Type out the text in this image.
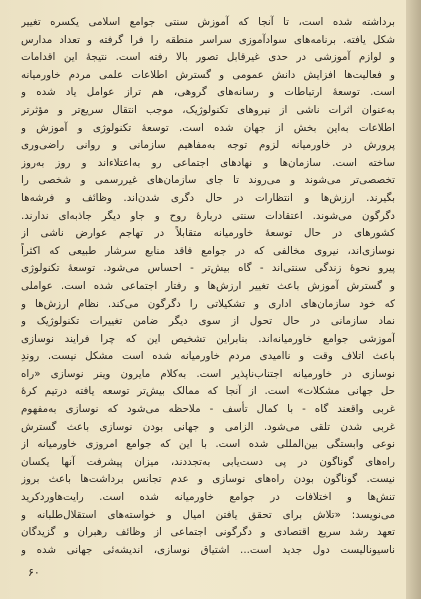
برداشته شده است، تا آنجا که آموزش سنتی جوامع اسلامی یکسره تغییر
شکل یافته. برنامه‌های سوادآموزی سراسر منطقه را فرا گرفته و تعداد مدارس
و لوازم آموزشی در حدی غیرقابل تصور بالا رفته است. نتیجهٔ این اقدامات
و فعالیت‌ها افزایش دانش عمومی و گسترش اطلاعات علمی مردم خاورمیانه
است. توسعهٔ ارتباطات و رسانه‌های گروهی، هم تراز عوامل یاد شده و
به‌عنوان اثرات ناشی از نیروهای تکنولوژیک، موجب انتقال سریع‌تر و مؤثرتر
اطلاعات به‌این بخش از جهان شده است. توسعهٔ تکنولوژی و آموزش و
پرورش در خاورمیانه لزوم توجه به‌مفاهیم سازمانی و روانی راضی‌وری
ساخته است. سازمان‌ها و نهادهای اجتماعی رو به‌اعتلاء‌اند و روز به‌روز
تخصصی‌تر می‌شوند و می‌روند تا جای سازمان‌های غیررسمی و شخصی را
بگیرند. ارزش‌ها و انتظارات در حال دگری شدن‌اند. وظائف و فرشه‌ها
دگرگون می‌شوند. اعتقادات سنتی دربارهٔ روح و جاو دیگر جاذبه‌ای ندارند.
کشورهای در حال توسعهٔ خاورمیانه متقابلاً در تهاجم عوارض ناشی از
نوسازی‌اند، نیروی مخالفی که در جوامع فاقد منابع سرشار طبیعی که اکثراً
پیرو نحوهٔ زندگی سنتی‌اند - گاه بیش‌تر - احساس می‌شود. توسعهٔ تکنولوژی
و گسترش آموزش باعث تغییر ارزش‌ها و رفتار اجتماعی شده است. عواملی
که خود سازمان‌های اداری و تشکیلاتی را دگرگون می‌کند. نظام ارزش‌ها و
نماد سازمانی در حال تحول از سوی دیگر ضامن تغییرات تکنولوژیک و
آموزشی جوامع خاورمیانه‌اند. بنابراین تشخیص این که چرا فرایند نوسازی
باعث اتلاف وقت و ناامیدی مردم خاورمیانه شده است مشکل نیست. روندِ
نوسازی در خاورمیانه اجتناب‌ناپذیر است. به‌کلام مایرون وینر نوسازی «راه
حل جهانی مشکلات» است. از آنجا که ممالک بیش‌تر توسعه یافته درتیم کرهٔ
غربی واقعند گاه - با کمال تأسف - ملاحظه می‌شود که نوسازی به‌مفهوم
غربی شدن تلقی می‌شود. الزامی و جهانی بودن نوسازی باعث گسترش
نوعی وابستگی بین‌المللی شده است. با این که جوامع امروزی خاورمیانه از
راه‌های گوناگون در پی دست‌یابی به‌تجددند، میزان پیشرفت آنها یکسان
نیست. گوناگون بودن راه‌های نوسازی و عدم تجانس برداشت‌ها باعث بروز
تنش‌ها و اختلافات در جوامع خاورمیانه شده است. رایت‌هاوردکرید
می‌نویسد: «تلاش برای تحقق یافتن امیال و خواسته‌های استقلال‌طلبانه و
تعهد رشد سریع اقتصادی و دگرگونی اجتماعی از وظائف رهبران و گزیدگان
ناسیونالیست دول جدید است... اشتیاق نوسازی، اندیشه‌ئی جهانی شده و
۶۰
